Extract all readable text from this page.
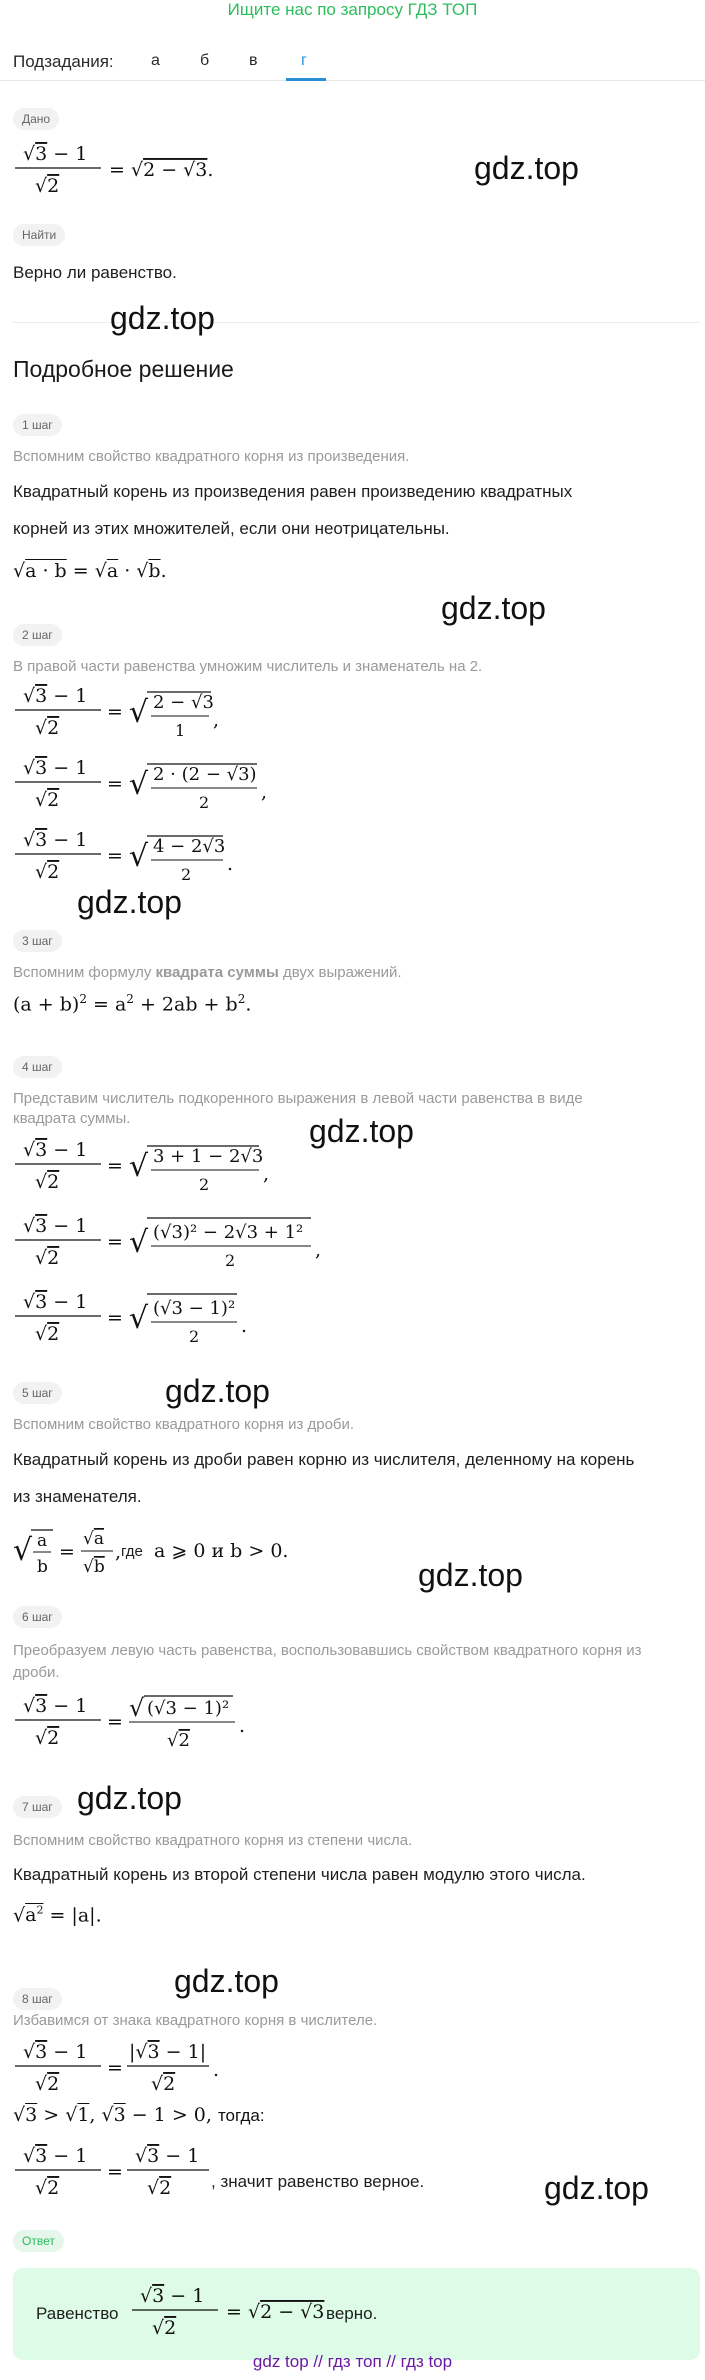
Ищите нас по запросу ГДЗ ТОП
Подзадания: а	б в	г
Дано
√3 − 1
√2
= √2 − √3.
Найти
Верно ли равенство.
Подробное решение
1 шаг
Вспомним свойство квадратного корня из произведения.
Квадратный корень из произведения равен произведению квадратных
корней из этих множителей, если они неотрицательны.
√a · b = √a · √b.
2 шаг
В правой части равенства умножим числитель и знаменатель на 2.
√3 − 1
√2
= √ 2 − √3
1 ,
√3 − 1
√2
= √ 2 · (2 − √3)
2	,
√3 − 1
√2
= √ 4 − 2√3
2 .
3 шаг
Вспомним формулу квадрата суммы двух выражений.
$(a + b)^2 = a^2 + 2ab + b^2$.
4 шаг
Представим числитель подкоренного выражения в левой части равенства в виде
квадрата суммы.
√3 − 1
√2
= √ 3 + 1 − 2√3
2	,
√3 − 1
√2
= √ (√3)² − 2√3 + 1²
2	,
√3 − 1
√2
= √ (√3 − 1)²
2 .
5 шаг
Вспомним свойство квадратного корня из дроби.
Квадратный корень из дроби равен корню из числителя, деленному на корень
из знаменателя.
√ a
b
=
√a
√b
, где a ⩾ 0 и b > 0.
6 шаг
Преобразуем левую часть равенства, воспользовавшись свойством квадратного корня из
дроби.
√3 − 1
√2
= √ (√3 − 1)²
√2
.
7 шаг
Вспомним свойство квадратного корня из степени числа.
Квадратный корень из второй степени числа равен модулю этого числа.
$√a^2 = |a|$.
8 шаг
Избавимся от знака квадратного корня в числителе.
√3 − 1
√2
=
|√3 − 1|
√2
.
√3 > √1, √3 − 1 > 0, тогда:
√3 − 1
√2
=
√3 − 1
√2 , значит равенство верное.
Ответ
Равенство
√3 − 1
√2
= √2 − √3 верно.
gdz.top
gdz.top
gdz.top
gdz.top
gdz.top
gdz.top
gdz.top
gdz.top
gdz.top
gdz.top
gdz top // гдз топ // гдз top
